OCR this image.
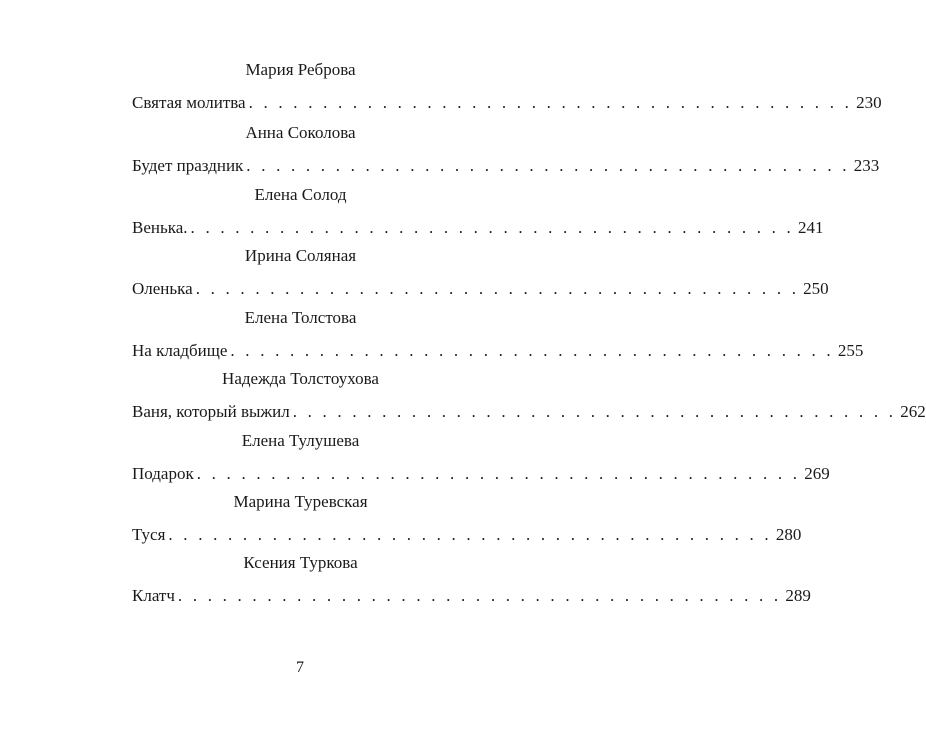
Мария Реброва
Святая молитва . . . . . . . . . . . . . . . . . . . . . . . . . . . . . . . . . . . . . . . . . 230
Анна Соколова
Будет праздник . . . . . . . . . . . . . . . . . . . . . . . . . . . . . . . . . . . . . . . . . 233
Елена Солод
Венька. . . . . . . . . . . . . . . . . . . . . . . . . . . . . . . . . . . . . . . . . . 241
Ирина Соляная
Оленька . . . . . . . . . . . . . . . . . . . . . . . . . . . . . . . . . . . . . . . . . 250
Елена Толстова
На кладбище . . . . . . . . . . . . . . . . . . . . . . . . . . . . . . . . . . . . . . . . . 255
Надежда Толстоухова
Ваня, который выжил . . . . . . . . . . . . . . . . . . . . . . . . . . . . . . . . . . . . . . . . . 262
Елена Тулушева
Подарок . . . . . . . . . . . . . . . . . . . . . . . . . . . . . . . . . . . . . . . . . 269
Марина Туревская
Туся . . . . . . . . . . . . . . . . . . . . . . . . . . . . . . . . . . . . . . . . . 280
Ксения Туркова
Клатч . . . . . . . . . . . . . . . . . . . . . . . . . . . . . . . . . . . . . . . . . 289
7
